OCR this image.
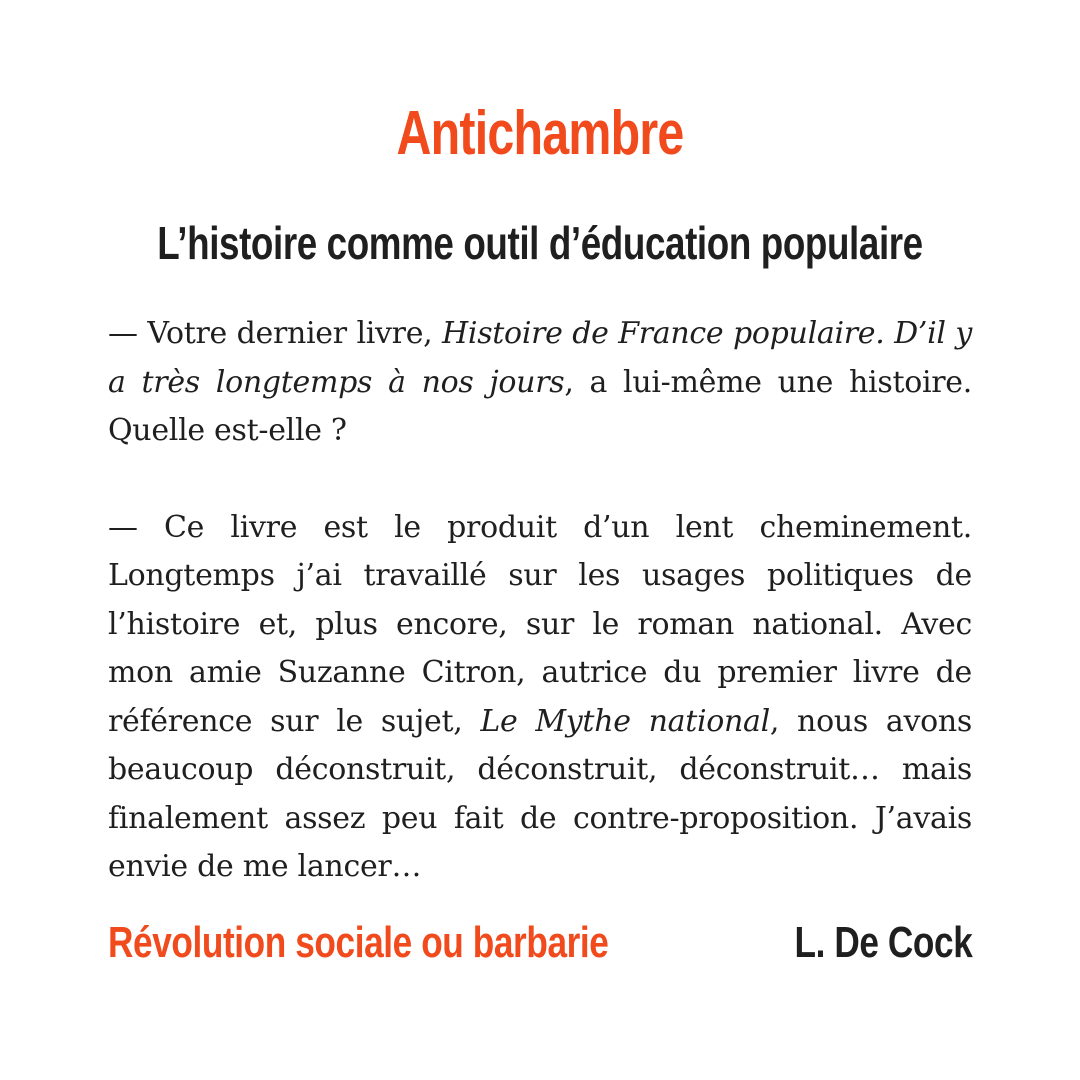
Antichambre
L’histoire comme outil d’éducation populaire

— Votre dernier livre, Histoire de France populaire. D’il y a très longtemps à nos jours, a lui-même une histoire. Quelle est-elle ?

— Ce livre est le produit d’un lent cheminement. Longtemps j’ai travaillé sur les usages politiques de l’histoire et, plus encore, sur le roman national. Avec mon amie Suzanne Citron, autrice du premier livre de référence sur le sujet, Le Mythe national, nous avons beaucoup déconstruit, déconstruit, déconstruit… mais finalement assez peu fait de contre-proposition. J’avais envie de me lancer…

Révolution sociale ou barbarie	L. De Cock
